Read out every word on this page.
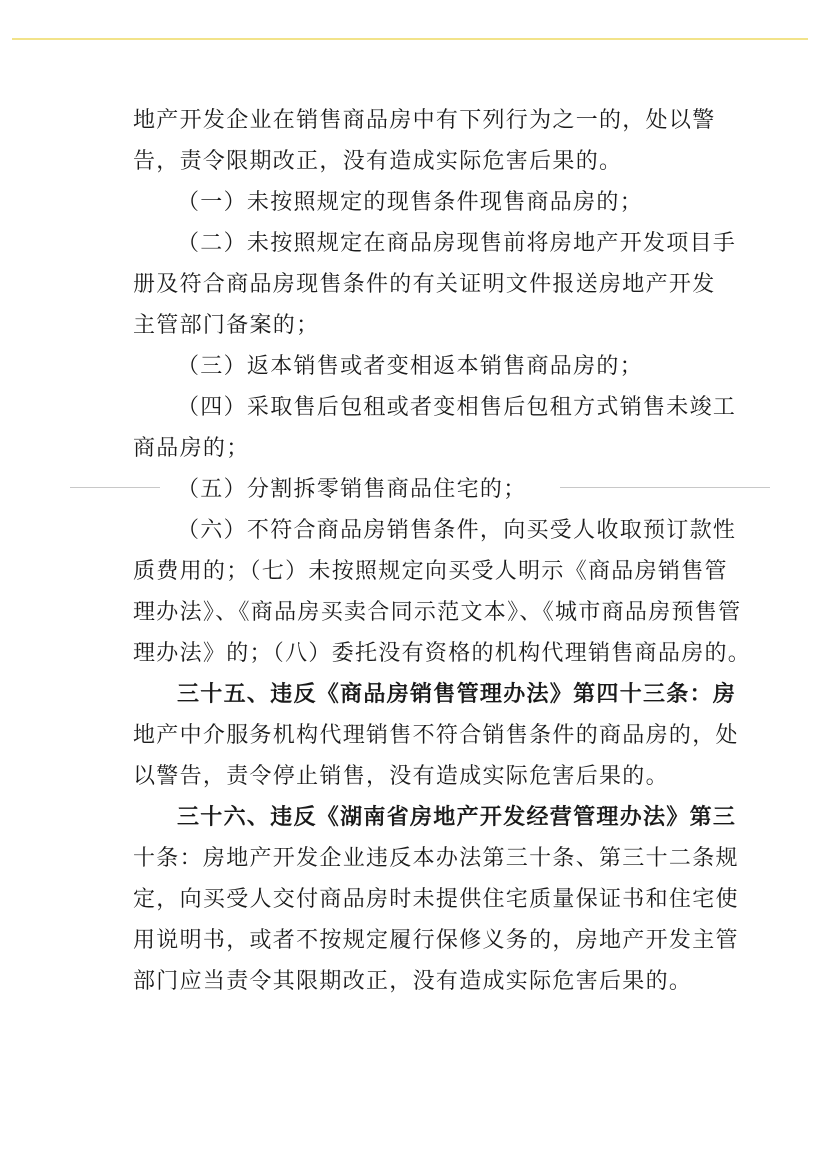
地产开发企业在销售商品房中有下列行为之一的，处以警
告，责令限期改正，没有造成实际危害后果的。
（一）未按照规定的现售条件现售商品房的；
（二）未按照规定在商品房现售前将房地产开发项目手
册及符合商品房现售条件的有关证明文件报送房地产开发
主管部门备案的；
（三）返本销售或者变相返本销售商品房的；
（四）采取售后包租或者变相售后包租方式销售未竣工
商品房的；
（五）分割拆零销售商品住宅的；
（六）不符合商品房销售条件，向买受人收取预订款性
质费用的；（七）未按照规定向买受人明示《商品房销售管
理办法》、《商品房买卖合同示范文本》、《城市商品房预售管
理办法》的；（八）委托没有资格的机构代理销售商品房的。
三十五、违反《商品房销售管理办法》第四十三条：房
地产中介服务机构代理销售不符合销售条件的商品房的，处
以警告，责令停止销售，没有造成实际危害后果的。
三十六、违反《湖南省房地产开发经营管理办法》第三
十条：房地产开发企业违反本办法第三十条、第三十二条规
定，向买受人交付商品房时未提供住宅质量保证书和住宅使
用说明书，或者不按规定履行保修义务的，房地产开发主管
部门应当责令其限期改正，没有造成实际危害后果的。
